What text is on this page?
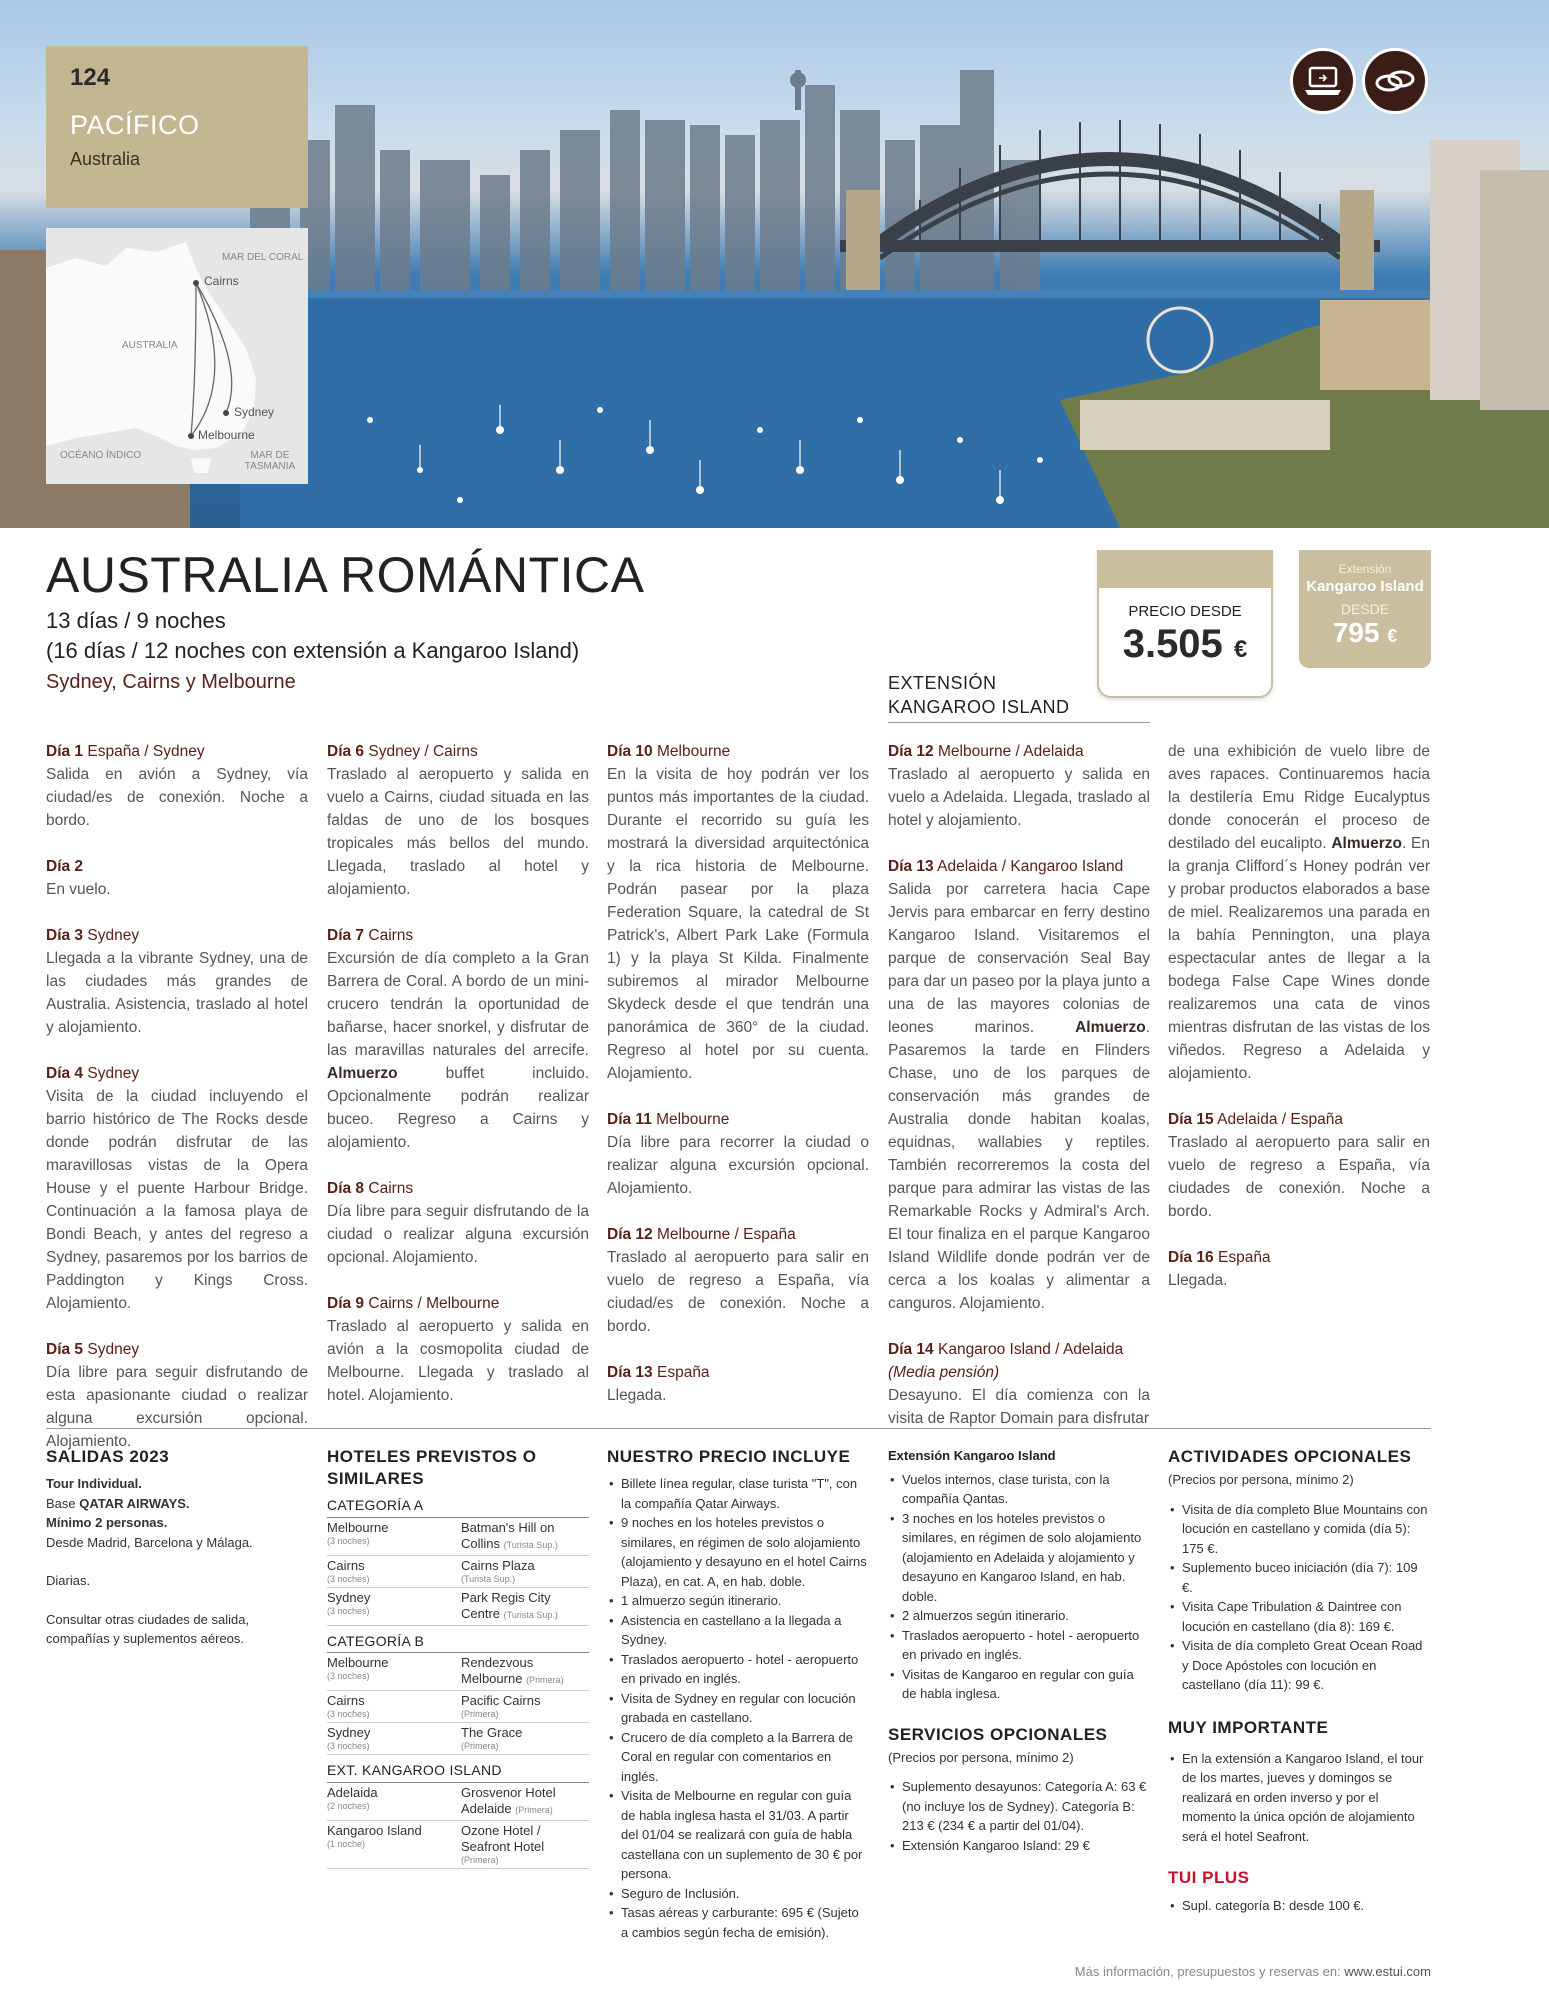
124
PACÍFICO
Australia
MAR DEL CORAL
AUSTRALIA
OCÉANO ÍNDICO	MAR DE TASMANIA
Cairns
Sydney
Melbourne
AUSTRALIA ROMÁNTICA
13 días / 9 noches
(16 días / 12 noches con extensión a Kangaroo Island)
Sydney, Cairns y Melbourne	EXTENSIÓN
KANGAROO ISLAND
PRECIO DESDE
3.505 €
Extensión
Kangaroo Island
DESDE
795 €
Día 1 España / Sydney

Salida en avión a Sydney, vía ciudad/es de conexión. Noche a bordo.

Día 2

En vuelo.

Día 3 Sydney

Llegada a la vibrante Sydney, una de las ciudades más grandes de Australia. Asistencia, traslado al hotel y alojamiento.

Día 4 Sydney

Visita de la ciudad incluyendo el barrio histórico de The Rocks desde donde podrán disfrutar de las maravillosas vistas de la Opera House y el puente Harbour Bridge. Continuación a la famosa playa de Bondi Beach, y antes del regreso a Sydney, pasaremos por los barrios de Paddington y Kings Cross. Alojamiento.

Día 5 Sydney

Día libre para seguir disfrutando de esta apasionante ciudad o realizar alguna excursión opcional. Alojamiento.

Día 6 Sydney / Cairns

Traslado al aeropuerto y salida en vuelo a Cairns, ciudad situada en las faldas de uno de los bosques tropicales más bellos del mundo. Llegada, traslado al hotel y alojamiento.

Día 7 Cairns

Excursión de día completo a la Gran Barrera de Coral. A bordo de un mini-crucero tendrán la oportunidad de bañarse, hacer snorkel, y disfrutar de las maravillas naturales del arrecife. Almuerzo buffet incluido. Opcionalmente podrán realizar buceo. Regreso a Cairns y alojamiento.

Día 8 Cairns

Día libre para seguir disfrutando de la ciudad o realizar alguna excursión opcional. Alojamiento.

Día 9 Cairns / Melbourne

Traslado al aeropuerto y salida en avión a la cosmopolita ciudad de Melbourne. Llegada y traslado al hotel. Alojamiento.

Día 10 Melbourne

En la visita de hoy podrán ver los puntos más importantes de la ciudad. Durante el recorrido su guía les mostrará la diversidad arquitectónica y la rica historia de Melbourne. Podrán pasear por la plaza Federation Square, la catedral de St Patrick's, Albert Park Lake (Formula 1) y la playa St Kilda. Finalmente subiremos al mirador Melbourne Skydeck desde el que tendrán una panorámica de 360° de la ciudad. Regreso al hotel por su cuenta. Alojamiento.

Día 11 Melbourne

Día libre para recorrer la ciudad o realizar alguna excursión opcional. Alojamiento.

Día 12 Melbourne / España

Traslado al aeropuerto para salir en vuelo de regreso a España, vía ciudad/es de conexión. Noche a bordo.

Día 13 España

Llegada.

Día 12 Melbourne / Adelaida

Traslado al aeropuerto y salida en vuelo a Adelaida. Llegada, traslado al hotel y alojamiento.

Día 13 Adelaida / Kangaroo Island

Salida por carretera hacia Cape Jervis para embarcar en ferry destino Kangaroo Island. Visitaremos el parque de conservación Seal Bay para dar un paseo por la playa junto a una de las mayores colonias de leones marinos. Almuerzo. Pasaremos la tarde en Flinders Chase, uno de los parques de conservación más grandes de Australia donde habitan koalas, equidnas, wallabies y reptiles. También recorreremos la costa del parque para admirar las vistas de las Remarkable Rocks y Admiral's Arch. El tour finaliza en el parque Kangaroo Island Wildlife donde podrán ver de cerca a los koalas y alimentar a canguros. Alojamiento.

Día 14 Kangaroo Island / Adelaida
(Media pensión)

Desayuno. El día comienza con la visita de Raptor Domain para disfrutar

de una exhibición de vuelo libre de aves rapaces. Continuaremos hacia la destilería Emu Ridge Eucalyptus donde conocerán el proceso de destilado del eucalipto. Almuerzo. En la granja Clifford´s Honey podrán ver y probar productos elaborados a base de miel. Realizaremos una parada en la bahía Pennington, una playa espectacular antes de llegar a la bodega False Cape Wines donde realizaremos una cata de vinos mientras disfrutan de las vistas de los viñedos. Regreso a Adelaida y alojamiento.

Día 15 Adelaida / España

Traslado al aeropuerto para salir en vuelo de regreso a España, vía ciudades de conexión. Noche a bordo.

Día 16 España

Llegada.

SALIDAS 2023
Tour Individual.
Base QATAR AIRWAYS.
Mínimo 2 personas.
Desde Madrid, Barcelona y Málaga.
Diarias.
Consultar otras ciudades de salida, compañías y suplementos aéreos.
HOTELES PREVISTOS O SIMILARES
CATEGORÍA A
Melbourne
(3 noches)
Batman's Hill on Collins (Turista Sup.)
Cairns
(3 noches)
Cairns Plaza
(Turista Sup.)
Sydney
(3 noches)
Park Regis City Centre (Turista Sup.)
CATEGORÍA B
Melbourne
(3 noches)
Rendezvous Melbourne (Primera)
Cairns
(3 noches)
Pacific Cairns
(Primera)
Sydney
(3 noches)
The Grace
(Primera)
EXT. KANGAROO ISLAND
Adelaida
(2 noches)
Grosvenor Hotel Adelaide (Primera)
Kangaroo Island
(1 noche)
Ozone Hotel / Seafront Hotel
(Primera)
NUESTRO PRECIO INCLUYE
• Billete línea regular, clase turista "T", con la compañía Qatar Airways.
• 9 noches en los hoteles previstos o similares, en régimen de solo alojamiento (alojamiento y desayuno en el hotel Cairns Plaza), en cat. A, en hab. doble.
• 1 almuerzo según itinerario.
• Asistencia en castellano a la llegada a Sydney.
• Traslados aeropuerto - hotel - aeropuerto en privado en inglés.
• Visita de Sydney en regular con locución grabada en castellano.
• Crucero de día completo a la Barrera de Coral en regular con comentarios en inglés.
• Visita de Melbourne en regular con guía de habla inglesa hasta el 31/03. A partir del 01/04 se realizará con guía de habla castellana con un suplemento de 30 € por persona.
• Seguro de Inclusión.
• Tasas aéreas y carburante: 695 € (Sujeto a cambios según fecha de emisión).
Extensión Kangaroo Island
• Vuelos internos, clase turista, con la compañía Qantas.
• 3 noches en los hoteles previstos o similares, en régimen de solo alojamiento (alojamiento en Adelaida y alojamiento y desayuno en Kangaroo Island, en hab. doble.
• 2 almuerzos según itinerario.
• Traslados aeropuerto - hotel - aeropuerto en privado en inglés.
• Visitas de Kangaroo en regular con guía de habla inglesa.
SERVICIOS OPCIONALES
(Precios por persona, mínimo 2)
• Suplemento desayunos: Categoría A: 63 € (no incluye los de Sydney). Categoría B: 213 € (234 € a partir del 01/04).
• Extensión Kangaroo Island: 29 €
ACTIVIDADES OPCIONALES
(Precios por persona, mínimo 2)
• Visita de día completo Blue Mountains con locución en castellano y comida (día 5): 175 €.
• Suplemento buceo iniciación (día 7): 109 €.
• Visita Cape Tribulation & Daintree con locución en castellano (día 8): 169 €.
• Visita de día completo Great Ocean Road y Doce Apóstoles con locución en castellano (día 11): 99 €.
MUY IMPORTANTE
• En la extensión a Kangaroo Island, el tour de los martes, jueves y domingos se realizará en orden inverso y por el momento la única opción de alojamiento será el hotel Seafront.
TUI PLUS
• Supl. categoría B: desde 100 €.
Más información, presupuestos y reservas en: www.estui.com
